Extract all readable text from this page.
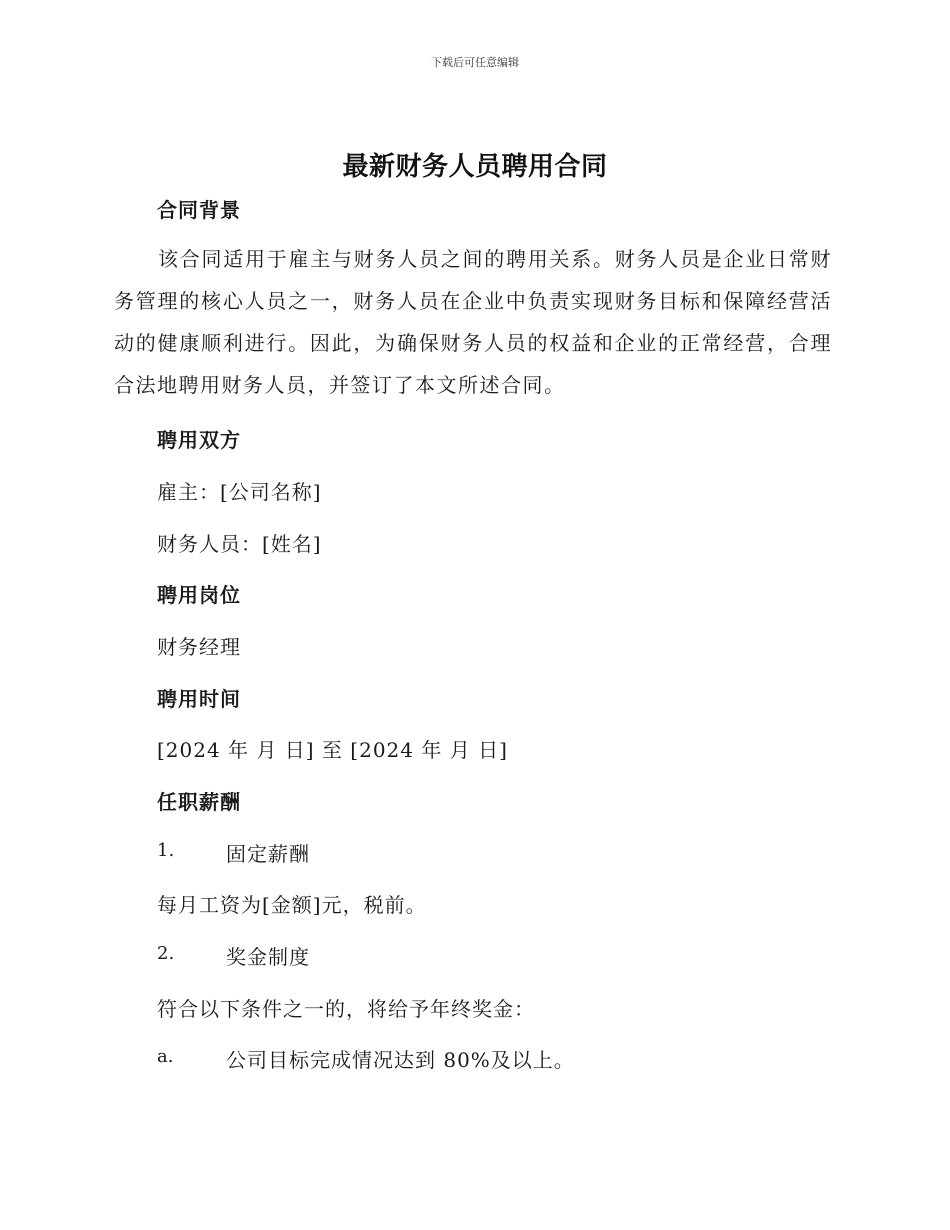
下载后可任意编辑
最新财务人员聘用合同
合同背景
该合同适用于雇主与财务人员之间的聘用关系。财务人员是企业日常财务管理的核心人员之一，财务人员在企业中负责实现财务目标和保障经营活动的健康顺利进行。因此，为确保财务人员的权益和企业的正常经营，合理合法地聘用财务人员，并签订了本文所述合同。
聘用双方
雇主：[公司名称]
财务人员：[姓名]
聘用岗位
财务经理
聘用时间
[2024 年 月 日] 至 [2024 年 月 日]
任职薪酬
1.	固定薪酬
每月工资为[金额]元，税前。
2.	奖金制度
符合以下条件之一的，将给予年终奖金：
a.	公司目标完成情况达到 80%及以上。
